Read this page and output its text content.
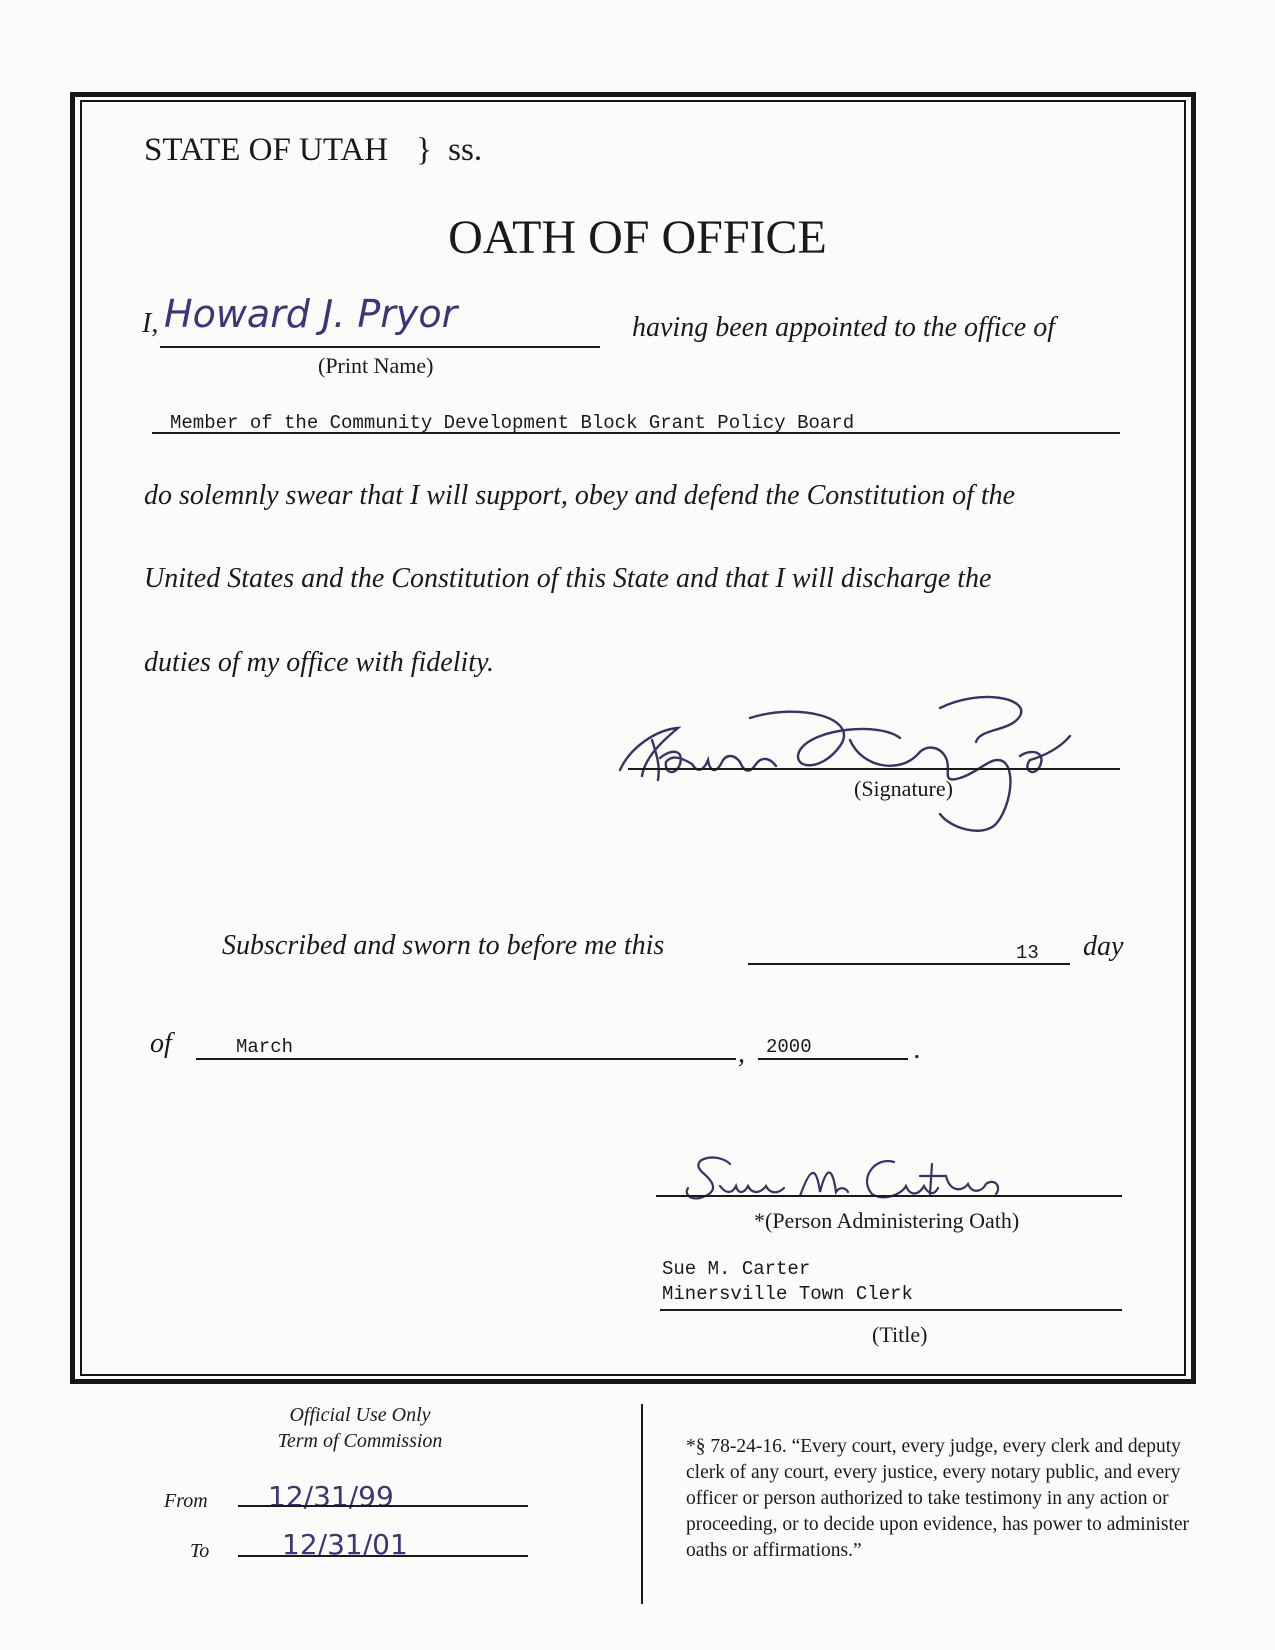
STATE OF UTAH } ss.
OATH OF OFFICE
I, Howard J. Pryor
(Print Name)
having been appointed to the office of
Member of the Community Development Block Grant Policy Board
do solemnly swear that I will support, obey and defend the Constitution of the
United States and the Constitution of this State and that I will discharge the
duties of my office with fidelity.
(Signature)
Subscribed and sworn to before me this	13 day
of	March	, 2000	.
*(Person Administering Oath)
Sue M. Carter
Minersville Town Clerk
(Title)
Official Use Only
Term of Commission
From 12/31/99
To	12/31/01
*§ 78-24-16. “Every court, every judge, every clerk and deputy clerk of any court, every justice, every notary public, and every officer or person authorized to take testimony in any action or proceeding, or to decide upon evidence, has power to administer oaths or affirmations.”
